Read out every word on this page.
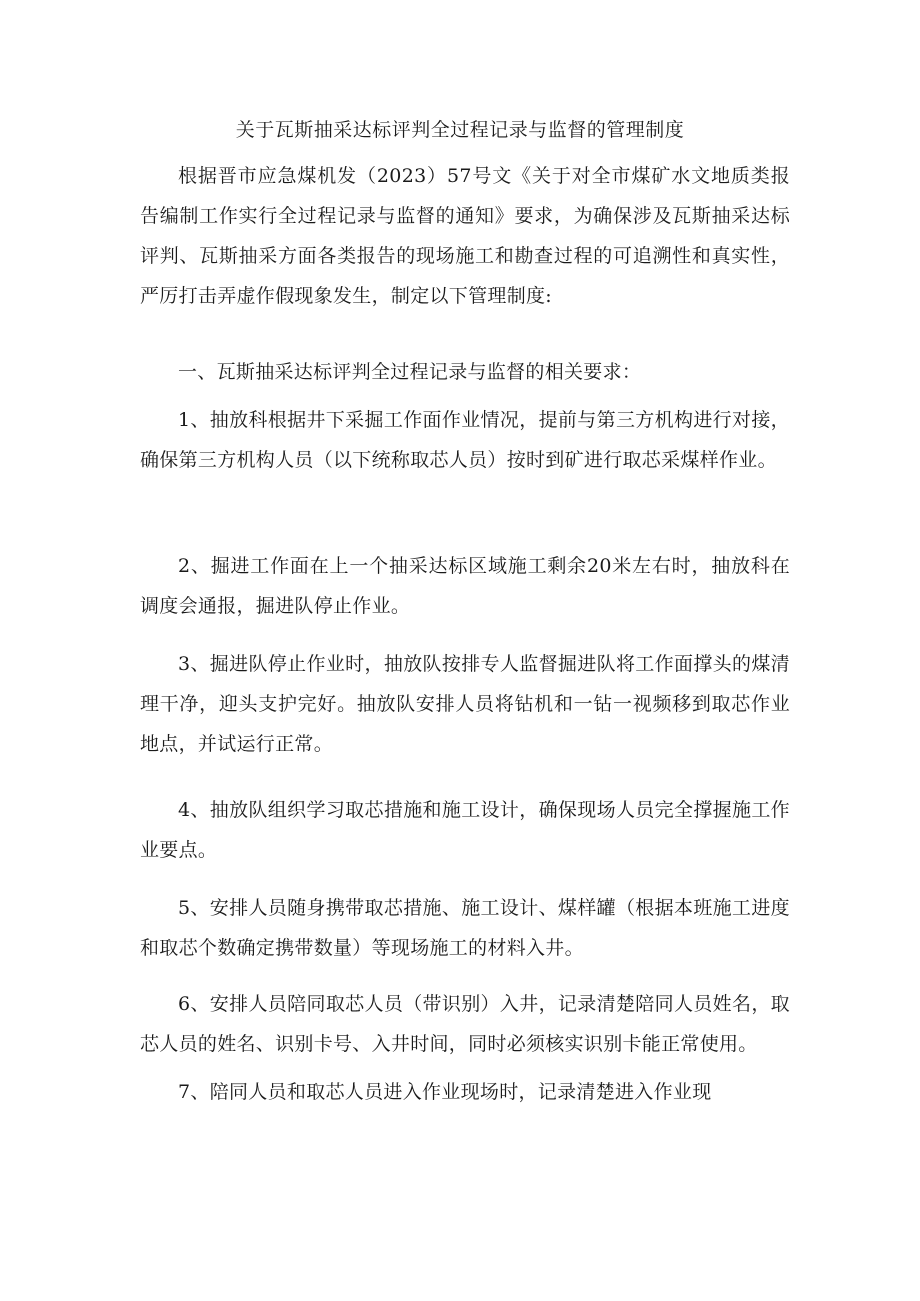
关于瓦斯抽采达标评判全过程记录与监督的管理制度

根据晋市应急煤机发（2023）57号文《关于对全市煤矿水文地质类报告编制工作实行全过程记录与监督的通知》要求，为确保涉及瓦斯抽采达标评判、瓦斯抽采方面各类报告的现场施工和勘查过程的可追溯性和真实性，严厉打击弄虚作假现象发生，制定以下管理制度:

一、瓦斯抽采达标评判全过程记录与监督的相关要求：

1、抽放科根据井下采掘工作面作业情况，提前与第三方机构进行对接，确保第三方机构人员（以下统称取芯人员）按时到矿进行取芯采煤样作业。

2、掘进工作面在上一个抽采达标区域施工剩余20米左右时，抽放科在调度会通报，掘进队停止作业。

3、掘进队停止作业时，抽放队按排专人监督掘进队将工作面撑头的煤清理干净，迎头支护完好。抽放队安排人员将钻机和一钻一视频移到取芯作业地点，并试运行正常。

4、抽放队组织学习取芯措施和施工设计，确保现场人员完全撑握施工作业要点。

5、安排人员随身携带取芯措施、施工设计、煤样罐（根据本班施工进度和取芯个数确定携带数量）等现场施工的材料入井。

6、安排人员陪同取芯人员（带识别）入井，记录清楚陪同人员姓名，取芯人员的姓名、识别卡号、入井时间，同时必须核实识别卡能正常使用。

7、陪同人员和取芯人员进入作业现场时，记录清楚进入作业现
